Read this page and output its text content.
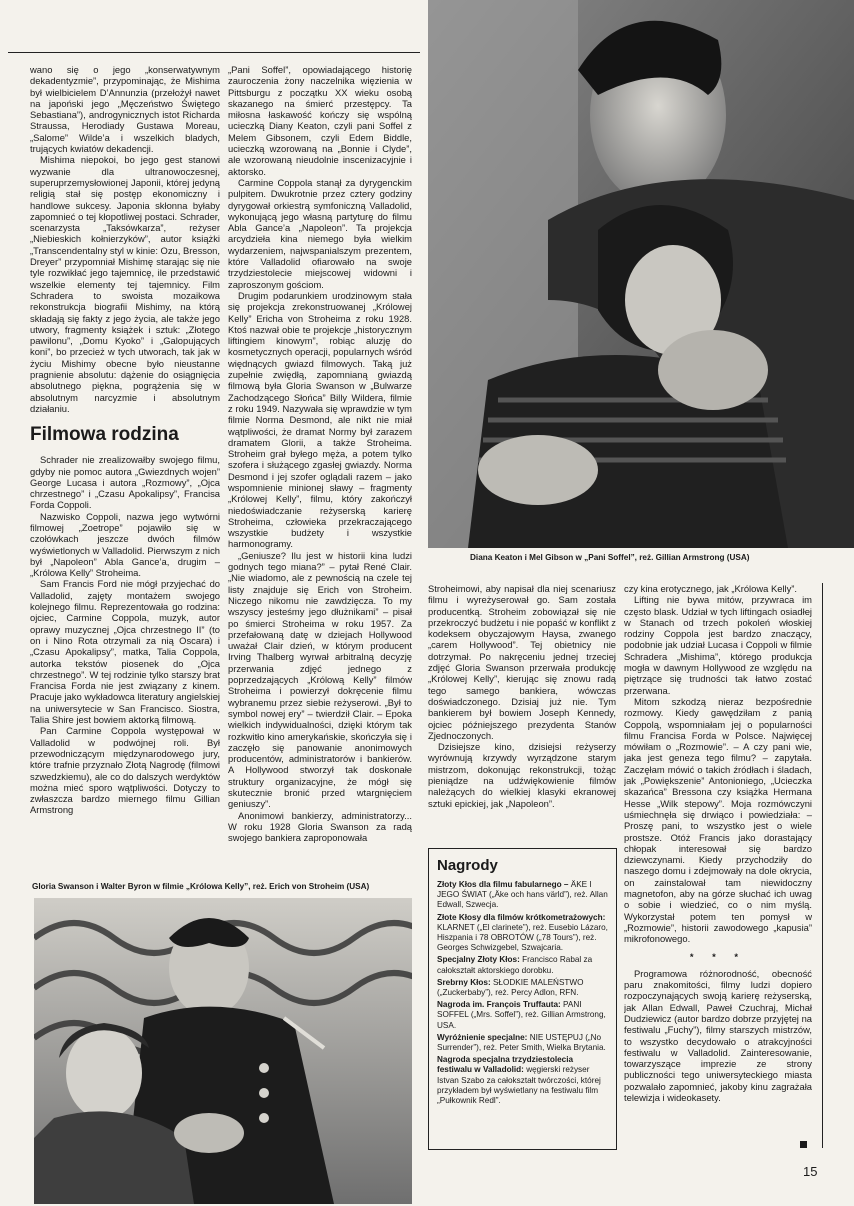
wano się o jego „konserwatywnym dekadentyzmie”, przypominając, że Mishima był wielbicielem D’Annunzia (przełożył nawet na japoński jego „Męczeństwo Świętego Sebastiana”), androgynicznych istot Richarda Straussa, Herodiady Gustawa Moreau, „Salome” Wilde’a i wszelkich bladych, trujących kwiatów dekadencji.

Mishima niepokoi, bo jego gest stanowi wyzwanie dla ultranowoczesnej, superuprzemysłowionej Japonii, której jedyną religią stał się postęp ekonomiczny i handlowe sukcesy. Japonia skłonna byłaby zapomnieć o tej kłopotliwej postaci. Schrader, scenarzysta „Taksówkarza”, reżyser „Niebieskich kołnierzyków”, autor książki „Transcendentalny styl w kinie: Ozu, Bresson, Dreyer” przypomniał Mishimę starając się nie tyle rozwikłać jego tajemnicę, ile przedstawić wszelkie elementy tej tajemnicy. Film Schradera to swoista mozaikowa rekonstrukcja biografii Mishimy, na którą składają się fakty z jego życia, ale także jego utwory, fragmenty książek i sztuk: „Złotego pawilonu”, „Domu Kyoko” i „Galopujących koni”, bo przecież w tych utworach, tak jak w życiu Mishimy obecne było nieustanne pragnienie absolutu: dążenie do osiągnięcia absolutnego piękna, pogrążenia się w absolutnym narcyzmie i absolutnym działaniu.

Filmowa rodzina

Schrader nie zrealizowałby swojego filmu, gdyby nie pomoc autora „Gwiezdnych wojen” George Lucasa i autora „Rozmowy”, „Ojca chrzestnego” i „Czasu Apokalipsy”, Francisa Forda Coppoli.

Nazwisko Coppoli, nazwa jego wytwórni filmowej „Zoetrope” pojawiło się w czołówkach jeszcze dwóch filmów wyświetlonych w Valladolid. Pierwszym z nich był „Napoleon” Abla Gance’a, drugim – „Królowa Kelly” Stroheima.

Sam Francis Ford nie mógł przyjechać do Valladolid, zajęty montażem swojego kolejnego filmu. Reprezentowała go rodzina: ojciec, Carmine Coppola, muzyk, autor oprawy muzycznej „Ojca chrzestnego II” (to on i Nino Rota otrzymali za nią Oscara) i „Czasu Apokalipsy”, matka, Talia Coppola, autorka tekstów piosenek do „Ojca chrzestnego”. W tej rodzinie tylko starszy brat Francisa Forda nie jest związany z kinem. Pracuje jako wykładowca literatury angielskiej na uniwersytecie w San Francisco. Siostra, Talia Shire jest bowiem aktorką filmową.

Pan Carmine Coppola występował w Valladolid w podwójnej roli. Był przewodniczącym międzynarodowego jury, które trafnie przyznało Złotą Nagrodę (filmowi szwedzkiemu), ale co do dalszych werdyktów można mieć sporo wątpliwości. Dotyczy to zwłaszcza bardzo miernego filmu Gillian Armstrong

„Pani Soffel”, opowiadającego historię zauroczenia żony naczelnika więzienia w Pittsburgu z początku XX wieku osobą skazanego na śmierć przestępcy. Ta miłosna łaskawość kończy się wspólną ucieczką Diany Keaton, czyli pani Soffel z Melem Gibsonem, czyli Edem Biddle, ucieczką wzorowaną na „Bonnie i Clyde”, ale wzorowaną nieudolnie inscenizacyjnie i aktorsko.

Carmine Coppola stanął za dyrygenckim pulpitem. Dwukrotnie przez cztery godziny dyrygował orkiestrą symfoniczną Valladolid, wykonującą jego własną partyturę do filmu Abla Gance’a „Napoleon”. Ta projekcja arcydzieła kina niemego była wielkim wydarzeniem, najwspanialszym prezentem, które Valladolid ofiarowało na swoje trzydziestolecie miejscowej widowni i zaproszonym gościom.

Drugim podarunkiem urodzinowym stała się projekcja zrekonstruowanej „Królowej Kelly” Ericha von Stroheima z roku 1928. Ktoś nazwał obie te projekcje „historycznym liftingiem kinowym”, robiąc aluzję do kosmetycznych operacji, popularnych wśród więdnących gwiazd filmowych. Taką już zupełnie zwiędłą, zapomnianą gwiazdą filmową była Gloria Swanson w „Bulwarze Zachodzącego Słońca” Billy Wildera, filmie z roku 1949. Nazywała się wprawdzie w tym filmie Norma Desmond, ale nikt nie miał wątpliwości, że dramat Normy był zarazem dramatem Glorii, a także Stroheima. Stroheim grał byłego męża, a potem tylko szofera i służącego zgasłej gwiazdy. Norma Desmond i jej szofer oglądali razem – jako wspomnienie minionej sławy – fragmenty „Królowej Kelly”, filmu, który zakończył niedoświadczanie reżyserską karierę Stroheima, człowieka przekraczającego wszystkie budżety i wszystkie harmonogramy.

„Geniusze? Ilu jest w historii kina ludzi godnych tego miana?” – pytał René Clair. „Nie wiadomo, ale z pewnością na czele tej listy znajduje się Erich von Stroheim. Niczego nikomu nie zawdzięcza. To my wszyscy jesteśmy jego dłużnikami” – pisał po śmierci Stroheima w roku 1957. Za przefałowaną datę w dziejach Hollywood uważał Clair dzień, w którym producent Irving Thalberg wyrwał arbitralną decyzję przerwania zdjęć jednego z poprzedzających „Królową Kelly” filmów Stroheima i powierzył dokręcenie filmu wybranemu przez siebie reżyserowi. „Był to symbol nowej ery” – twierdził Clair. – Epoka wielkich indywidualności, dzięki którym tak rozkwitło kino amerykańskie, skończyła się i zaczęło się panowanie anonimowych producentów, administratorów i bankierów. A Hollywood stworzył tak doskonałe struktury organizacyjne, że mógł się skutecznie bronić przed wtargnięciem geniuszy”.

Anonimowi bankierzy, administratorzy... W roku 1928 Gloria Swanson za radą swojego bankiera zaproponowała

Diana Keaton i Mel Gibson w „Pani Soffel”, reż. Gillian Armstrong (USA)

Stroheimowi, aby napisał dla niej scenariusz filmu i wyreżyserował go. Sam została producentką. Stroheim zobowiązał się nie przekroczyć budżetu i nie popaść w konflikt z kodeksem obyczajowym Haysa, zwanego „carem Hollywood”. Tej obietnicy nie dotrzymał. Po nakręceniu jednej trzeciej zdjęć Gloria Swanson przerwała produkcję „Królowej Kelly”, kierując się znowu radą tego samego bankiera, wówczas doświadczonego. Dzisiaj już nie. Tym bankierem był bowiem Joseph Kennedy, ojciec późniejszego prezydenta Stanów Zjednoczonych.

Dzisiejsze kino, dzisiejsi reżyserzy wyrównują krzywdy wyrządzone starym mistrzom, dokonując rekonstrukcji, tożąc pieniądze na udźwiękowienie filmów należących do wielkiej klasyki ekranowej sztuki epickiej, jak „Napoleon”.

Nagrody

Złoty Kłos dla filmu fabularnego – ÄKE I JEGO ŚWIAT („Äke och hans värld”), reż. Allan Edwall, Szwecja.

Złote Kłosy dla filmów krótkometrażowych: KLARNET („El clarinete”), reż. Eusebio Lázaro, Hiszpania i 78 OBROTÓW („78 Tours”), reż. Georges Schwizgebel, Szwajcaria.

Specjalny Złoty Kłos: Francisco Rabal za całokształt aktorskiego dorobku.

Srebrny Kłos: SŁODKIE MALEŃSTWO („Zuckerbaby”), reż. Percy Adlon, RFN.

Nagroda im. François Truffauta: PANI SOFFEL („Mrs. Soffel”), reż. Gillian Armstrong, USA.

Wyróżnienie specjalne: NIE USTĘPUJ („No Surrender”), reż. Peter Smith, Wielka Brytania.

Nagroda specjalna trzydziestolecia festiwalu w Valladolid: węgierski reżyser Istvan Szabo za całokształt twórczości, której przykładem był wyświetlany na festiwalu film „Pułkownik Redl”.

czy kina erotycznego, jak „Królowa Kelly”.

Lifting nie bywa mitów, przywraca im często blask. Udział w tych liftingach osiadłej w Stanach od trzech pokoleń włoskiej rodziny Coppola jest bardzo znaczący, podobnie jak udział Lucasa i Coppoli w filmie Schradera „Mishima”, którego produkcja mogła w dawnym Hollywood ze względu na piętrzące się trudności tak łatwo zostać przerwana.

Mitom szkodzą nieraz bezpośrednie rozmowy. Kiedy gawędziłam z panią Coppolą, wspomniałam jej o popularności filmu Francisa Forda w Polsce. Najwięcej mówiłam o „Rozmowie”. – A czy pani wie, jaka jest geneza tego filmu? – zapytała. Zaczęłam mówić o takich źródłach i śladach, jak „Powiększenie” Antonioniego, „Ucieczka skazańca” Bressona czy książka Hermana Hesse „Wilk stepowy”. Moja rozmówczyni uśmiechnęła się drwiąco i powiedziała: – Proszę pani, to wszystko jest o wiele prostsze. Otóż Francis jako dorastający chłopak interesował się bardzo dziewczynami. Kiedy przychodziły do naszego domu i zdejmowały na dole okrycia, on zainstalował tam niewidoczny magnetofon, aby na górze słuchać ich uwag o sobie i wiedzieć, co o nim myślą. Wykorzystał potem ten pomysł w „Rozmowie”, historii zawodowego „kapusia” mikrofonowego.

* * *

Programowa różnorodność, obecność paru znakomitości, filmy ludzi dopiero rozpoczynających swoją karierę reżyserską, jak Allan Edwall, Paweł Czuchraj, Michał Dudziewicz (autor bardzo dobrze przyjętej na festiwalu „Fuchy”), filmy starszych mistrzów, to wszystko decydowało o atrakcyjności festiwalu w Valladolid. Zainteresowanie, towarzyszące imprezie ze strony publiczności tego uniwersyteckiego miasta pozwalało zapomnieć, jakoby kinu zagrażała telewizja i wideokasety.

Gloria Swanson i Walter Byron w filmie „Królowa Kelly”, reż. Erich von Stroheim (USA)
15
